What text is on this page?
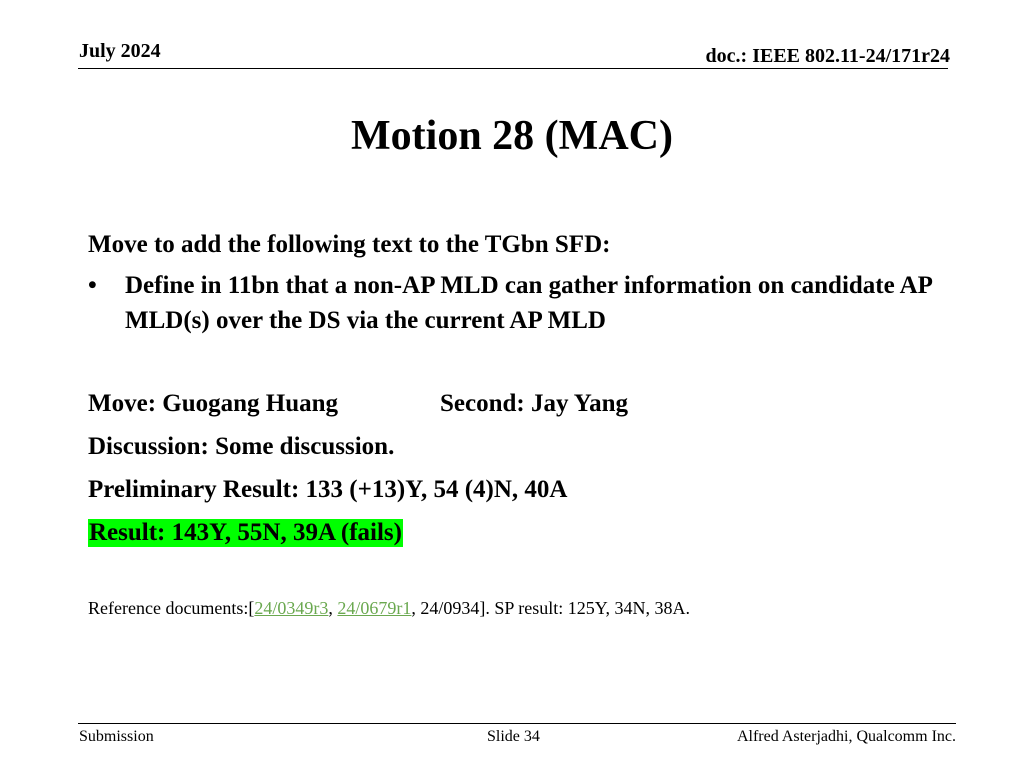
July 2024	doc.: IEEE 802.11-24/171r24
Motion 28 (MAC)

Move to add the following text to the TGbn SFD:

•	Define in 11bn that a non-AP MLD can gather information on candidate AP MLD(s) over the DS via the current AP MLD
Move: Guogang Huang	Second: Jay Yang
Discussion: Some discussion.
Preliminary Result: 133 (+13)Y, 54 (4)N, 40A
Result: 143Y, 55N, 39A (fails)
Reference documents:[24/0349r3, 24/0679r1, 24/0934]. SP result: 125Y, 34N, 38A.
Submission	Slide 34	Alfred Asterjadhi, Qualcomm Inc.
